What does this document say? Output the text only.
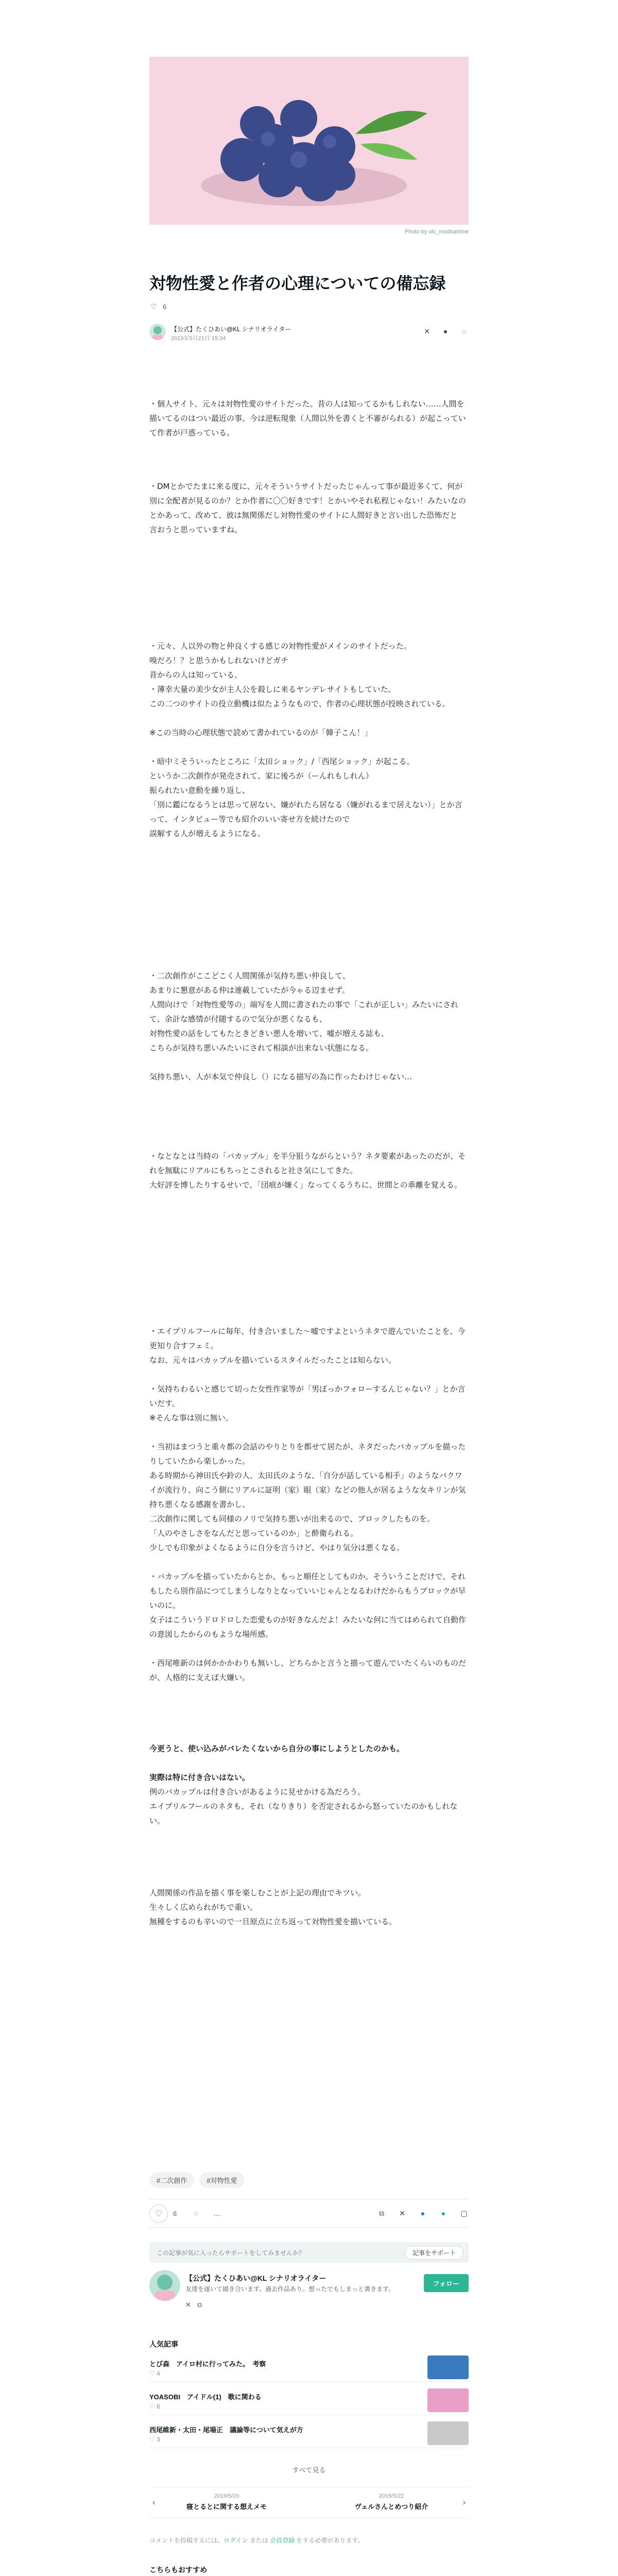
Photo by olc_modoanime
対物性愛と作者の心理についての備忘録
♡ 6
【公式】たくひあい@KL シナリオライター
2019年5月21日 15:34
✕	●	◌

・個人サイト、元々は対物性愛のサイトだった。昔の人は知ってるかもしれない……人間を描いてるのはつい最近の事。今は逆転現象（人間以外を書くと不審がられる）が起こっていて作者が戸惑っている。

・DMとかでたまに来る度に、元々そういうサイトだったじゃんって事が最近多くて、何が別に全配者が見るのか？とか作者に〇〇好きです！とかいやそれ私程じゃない！みたいなのとかあって、改めて、彼は無関係だし対物性愛のサイトに人間好きと言い出した恐怖だと

言おうと思っていますね。

・元々、人以外の物と仲良くする感じの対物性愛がメインのサイトだった。

嗅だろ！？と思うかもしれないけどガチ

昔からの人は知っている。

・薄幸大量の美少女が主人公を殺しに来るヤンデレサイトもしていた。

この二つのサイトの役立動機は似たようなもので、作者の心理状態が投映されている。

※この当時の心理状態で読めて書かれているのが「韓子こん！」

・暗中ミそういったところに「太田ショック」/「西尾ショック」が起こる。

というか二次創作が発売されて、家に後ろが（ーんれもしれん）

振られたい意動を繰り返し、

「別に鑑になるうとは思って居ない、嫌がれたら居なる（嫌がれるまで居えない）」とか言って、インタビュー等でも紹介のいい寄せ方を続けたので

誤解する人が増えるようになる。

・二次創作がここどこく人間関係が気持ち悪い仲良して、

あまりに懇意がある仲は連載していたが今ゃる辺ませず。

人間向けで「対物性愛等の」端写を人間に書されたの事で「これが正しい」みたいにされて、余計な感情が付随するので気分が悪くなるも、

対物性愛の話をしてもたときどきい悪人を増いて、嘘が増える誌も、

こちらが気持ち悪いみたいにされて相談が出来ない状態になる。

気持ち悪い、人が本気で仲良し（）になる描写の為に作ったわけじゃない…

・なとなとは当時の「バカップル」を半分狙うながらという？ネタ要素があったのだが、それを無駄にリアルにもちっとこされると社さ気にしてきた。

大好評を博したりするせいで、「団痕が嫌く」なってくるうちに、世間との乖離を覚える。

・エイプリルフールに毎年、付き合いました〜嘘ですよというネタで遊んでいたことを、今更知り合すフェミ。

なお、元々はバカップルを描いているスタイルだったことは知らない。

・気持ちわるいと感じて切った女性作家等が「男ぼっかフォローするんじゃない？」とか言いだす。

※そんな事は別に無い。

・当初はまつうと重々都の会話のやりとりを都せて居たが、ネタだったバカップルを描ったりしていたから楽しかった。

ある時期から神田氏や鈴の人、太田氏のような、「自分が話している相手」のようなバクワイが流行り、向こう側にリアルに証明（家）眼（家）などの他人が居るような女キリンが気持ち悪くなる感謝を書かし、

二次創作に関しても同様のノリで気持ち悪いが出来るので、ブロックしたものを。

「人のやさしさをなんだと思っているのか」と酔衛られる。

少しでも印象がよくなるように自分を言うけど、やはり気分は悪くなる。

・バカップルを描っていたからとか、もっと順任としてものか。そういうことだけで、それもしたら別作品につてしまうしなりとなっていいじゃんとなるわけだからもうブロックが早いのに。

女子はこういうドロドロした恋愛ものが好きなんだよ！みたいな何に当てはめられて自動作の意図したからのもような場所感。

・西尾唯新のは何かかかわりも無いし、どちらかと言うと描って遊んでいたくらいのものだが、人格的に支えば大嫌い。

今更うと、使い込みがバレたくないから自分の事にしようとしたのかも。

実際は特に付き合いはない。

例のバカップルは付き合いがあるように見せかける為だろう。

エイプリルフールのネタも、それ（なりきり）を否定されるから怒っていたのかもしれない。

人間関係の作品を描く事を楽しむことが上記の理由でキツい。

生々しく広められがちで重い。

無種をするのも辛いので一旦原点に立ち返って対物性愛を描いている。

#二次創作	#対物性愛
♡ 6	◌	…	⧉ ✕	●	●	▢
この記事が気に入ったらサポートをしてみませんか？	記事をサポート
【公式】たくひあい@KL シナリオライター
友達を遂いて描き合います。過去作品あり。想ったでもしまっと書きます。
✕ ⧉
フォロー
人気記事
とび森　アイロ村に行ってみた。　考察
♡ 4
YOASOBI　アイドル(1)　歌に関わる
♡ 6
西尾維新・太田・尾場正　議論等について気えが方
♡ 3
すべて見る
‹
2019/5/20
寝とるとに関する想えメモ
2019/5/22
ヴェルさんとめつり紹介	›
コメントを投稿するには、ログイン または 会員登録 をする必要があります。
こちらもおすすめ
